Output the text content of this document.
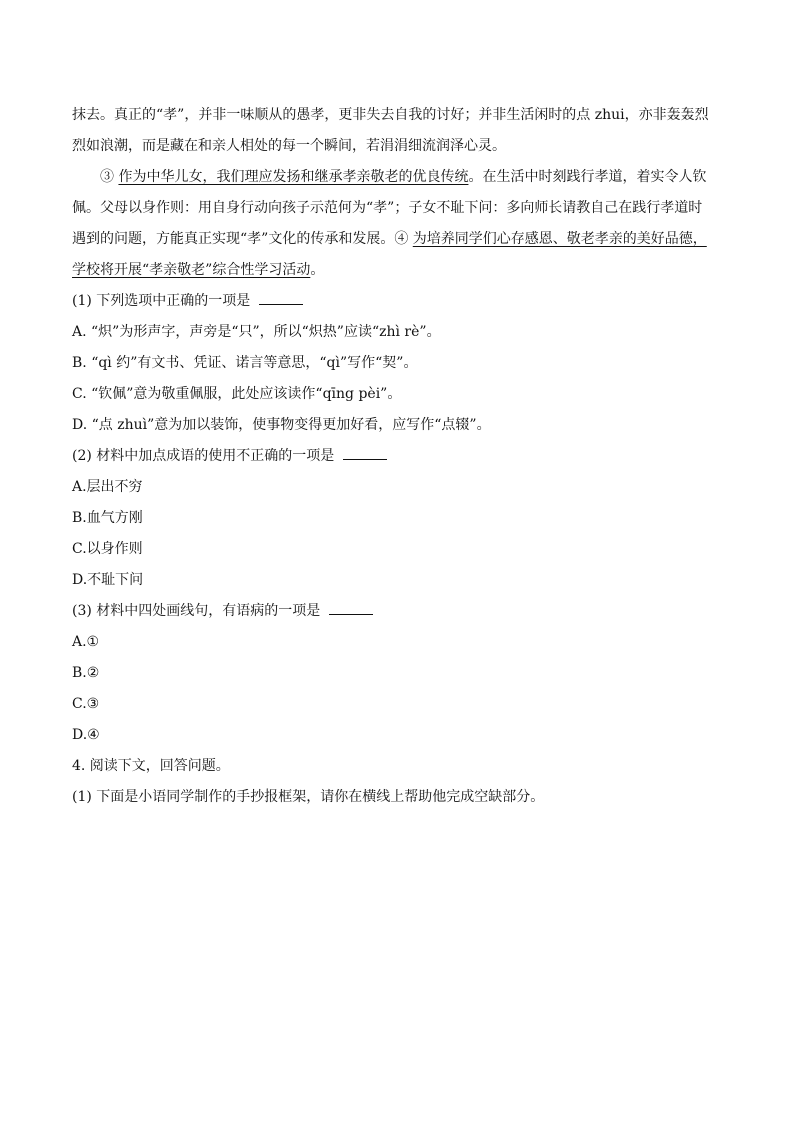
抹去。真正的“孝”，并非一味顺从的愚孝，更非失去自我的讨好；并非生活闲时的点 zhui，亦非轰轰烈
烈如浪潮，而是藏在和亲人相处的每一个瞬间，若涓涓细流润泽心灵。
③ 作为中华儿女，我们理应发扬和继承孝亲敬老的优良传统。在生活中时刻践行孝道，着实令人钦
佩。父母以身作则：用自身行动向孩子示范何为“孝”；子女不耻下问：多向师长请教自己在践行孝道时
遇到的问题，方能真正实现“孝”文化的传承和发展。④ 为培养同学们心存感恩、敬老孝亲的美好品德，
学校将开展“孝亲敬老”综合性学习活动。
(1) 下列选项中正确的一项是
A. “炽”为形声字，声旁是“只”，所以“炽热”应读“zhì rè”。
B. “qì 约”有文书、凭证、诺言等意思，“qì”写作“契”。
C. “钦佩”意为敬重佩服，此处应该读作“qīng pèi”。
D. “点 zhuì”意为加以装饰，使事物变得更加好看，应写作“点辍”。
(2) 材料中加点成语的使用不正确的一项是
A.层出不穷
B.血气方刚
C.以身作则
D.不耻下问
(3) 材料中四处画线句，有语病的一项是
A.①
B.②
C.③
D.④
4. 阅读下文，回答问题。
(1) 下面是小语同学制作的手抄报框架，请你在横线上帮助他完成空缺部分。
